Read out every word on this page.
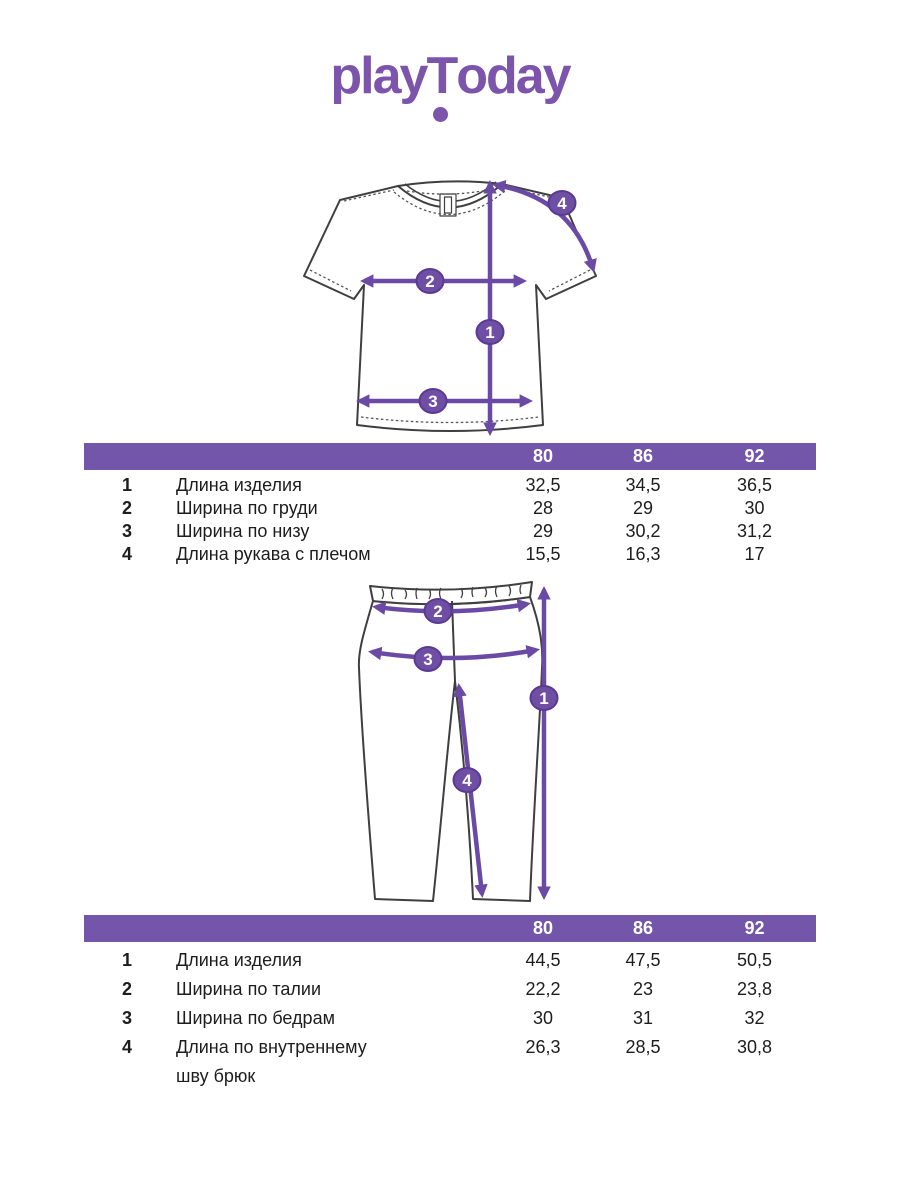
playToday
1
2
3
4
		80	86	92
1	Длина изделия	32,5	34,5	36,5
2	Ширина по груди	28	29	30
3	Ширина по низу	29	30,2	31,2
4	Длина рукава с плечом	15,5	16,3	17
1
2
3
4
		80	86	92
1	Длина изделия	44,5	47,5	50,5
2	Ширина по талии	22,2	23	23,8
3	Ширина по бедрам	30	31	32
4	Длина по внутреннему шву брюк	26,3	28,5	30,8
